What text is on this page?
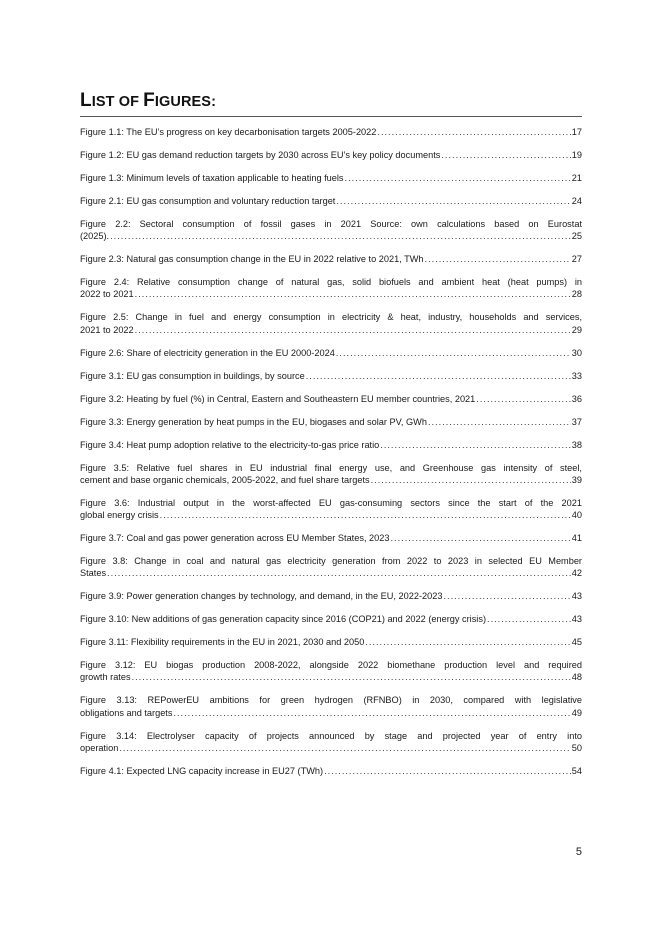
LIST OF FIGURES:
Figure 1.1: The EU’s progress on key decarbonisation targets 2005-2022 .....	17
Figure 1.2: EU gas demand reduction targets by 2030 across EU’s key policy documents .....	19
Figure 1.3: Minimum levels of taxation applicable to heating fuels .....	21
Figure 2.1: EU gas consumption and voluntary reduction target .....	24
Figure 2.2: Sectoral consumption of fossil gases in 2021 Source: own calculations based on Eurostat
(2025). .....	25
Figure 2.3: Natural gas consumption change in the EU in 2022 relative to 2021, TWh .....	27
Figure 2.4: Relative consumption change of natural gas, solid biofuels and ambient heat (heat pumps) in
2022 to 2021 .....	28
Figure 2.5: Change in fuel and energy consumption in electricity & heat, industry, households and services,
2021 to 2022 .....	29
Figure 2.6: Share of electricity generation in the EU 2000-2024 .....	30
Figure 3.1: EU gas consumption in buildings, by source .....	33
Figure 3.2: Heating by fuel (%) in Central, Eastern and Southeastern EU member countries, 2021 .....	36
Figure 3.3: Energy generation by heat pumps in the EU, biogases and solar PV, GWh .....	37
Figure 3.4: Heat pump adoption relative to the electricity-to-gas price ratio .....	38
Figure 3.5: Relative fuel shares in EU industrial final energy use, and Greenhouse gas intensity of steel,
cement and base organic chemicals, 2005-2022, and fuel share targets .....	39
Figure 3.6: Industrial output in the worst-affected EU gas-consuming sectors since the start of the 2021
global energy crisis .....	40
Figure 3.7: Coal and gas power generation across EU Member States, 2023 .....	41
Figure 3.8: Change in coal and natural gas electricity generation from 2022 to 2023 in selected EU Member
States .....	42
Figure 3.9: Power generation changes by technology, and demand, in the EU, 2022-2023 .....	43
Figure 3.10: New additions of gas generation capacity since 2016 (COP21) and 2022 (energy crisis) .....	43
Figure 3.11: Flexibility requirements in the EU in 2021, 2030 and 2050 .....	45
Figure 3.12: EU biogas production 2008-2022, alongside 2022 biomethane production level and required
growth rates .....	48
Figure 3.13: REPowerEU ambitions for green hydrogen (RFNBO) in 2030, compared with legislative
obligations and targets .....	49
Figure 3.14: Electrolyser capacity of projects announced by stage and projected year of entry into
operation .....	50
Figure 4.1: Expected LNG capacity increase in EU27 (TWh) .....	54
5
